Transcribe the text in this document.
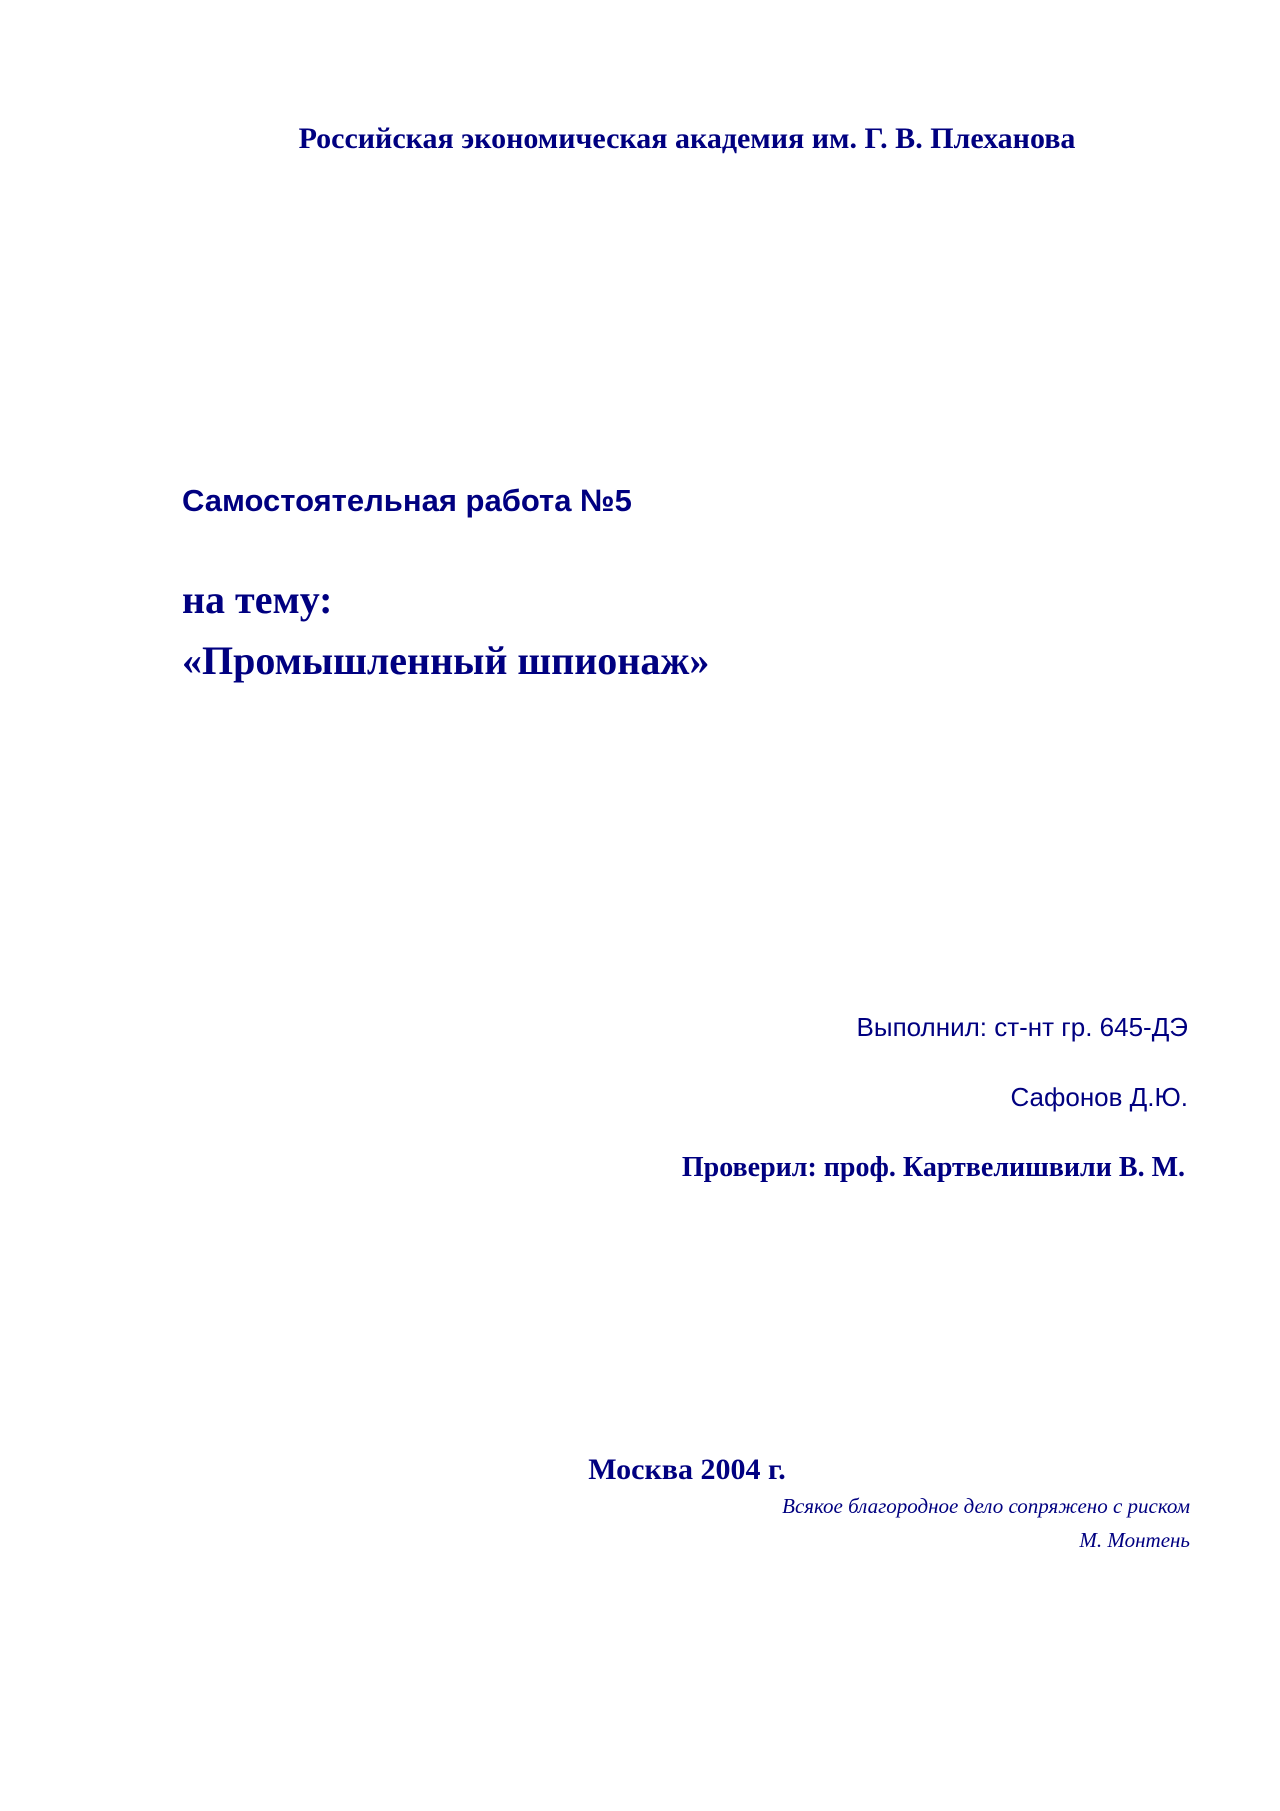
Российская экономическая академия им. Г. В. Плеханова

Самостоятельная работа №5

на тему:

«Промышленный шпионаж»

Выполнил: ст-нт гр. 645-ДЭ

Сафонов Д.Ю.

Проверил: проф. Картвелишвили В. М.

Москва 2004 г.

Всякое благородное дело сопряжено с риском

М. Монтень
